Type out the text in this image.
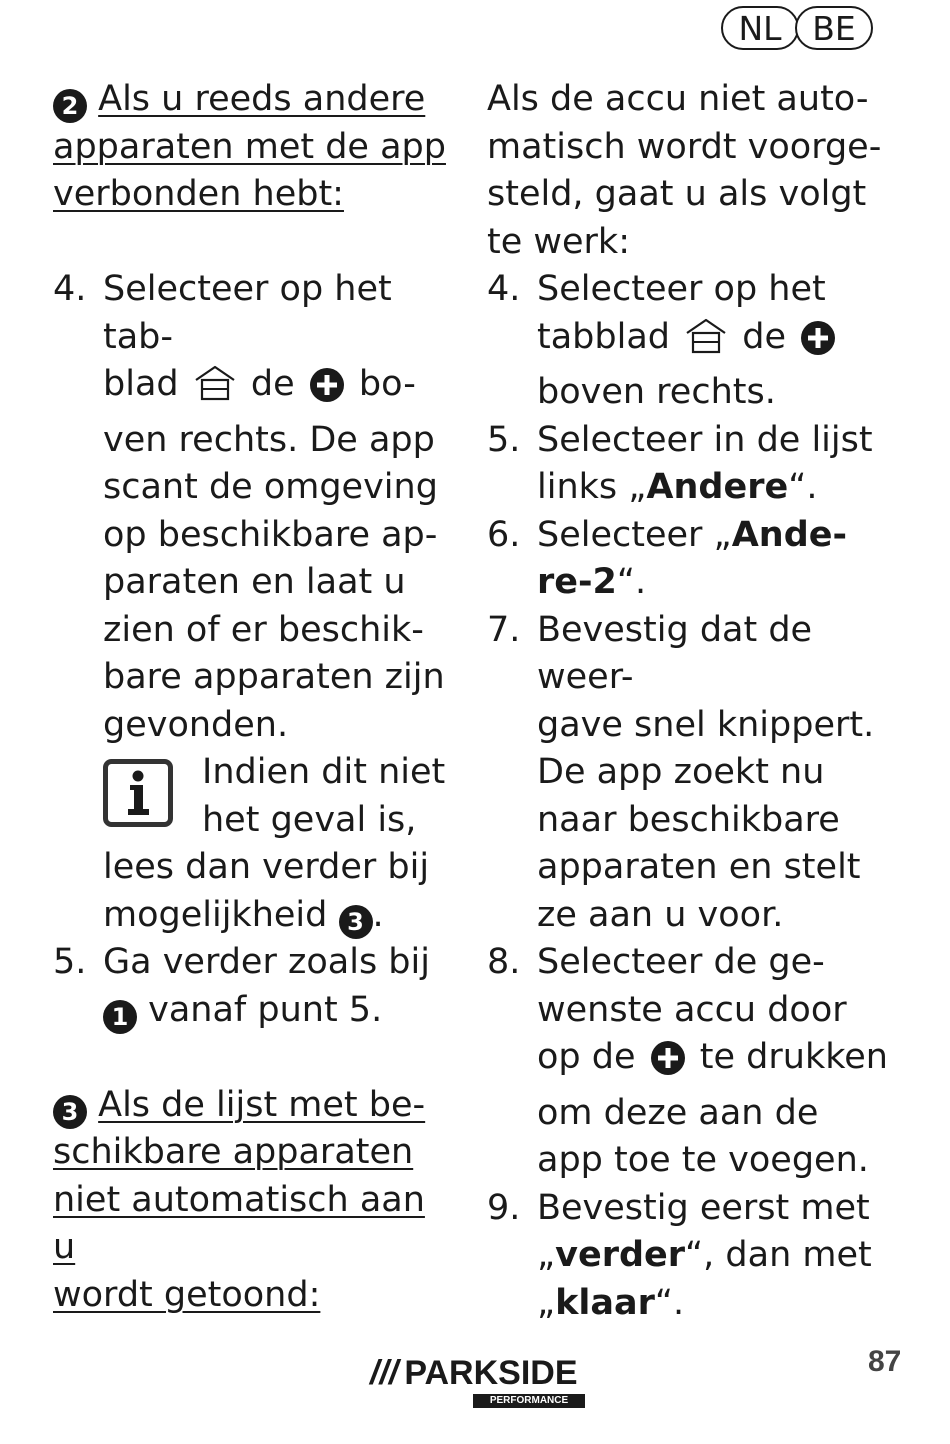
NL BE
2 Als u reeds andere
apparaten met de app
verbonden hebt:
4. Selecteer op het tab-
blad de bo-
ven rechts. De app
scant de omgeving
op beschikbare ap-
paraten en laat u
zien of er beschik-
bare apparaten zijn
gevonden.
Indien dit niet
het geval is,
lees dan verder bij
mogelijkheid 3 .
5. Ga verder zoals bij
1 vanaf punt 5.
3 Als de lijst met be-
schikbare apparaten
niet automatisch aan u
wordt getoond:
Als de accu niet auto-
matisch wordt voorge-
steld, gaat u als volgt
te werk:
4. Selecteer op het
tabblad de
boven rechts.
5. Selecteer in de lijst
links „Andere“.
6. Selecteer „Ande-
re-2“.
7. Bevestig dat de weer-
gave snel knippert.
De app zoekt nu
naar beschikbare
apparaten en stelt
ze aan u voor.
8. Selecteer de ge-
wenste accu door
op de te drukken
om deze aan de
app toe te voegen.
9. Bevestig eerst met
„verder“, dan met
„klaar“.
/// PARKSIDE
PERFORMANCE
87
